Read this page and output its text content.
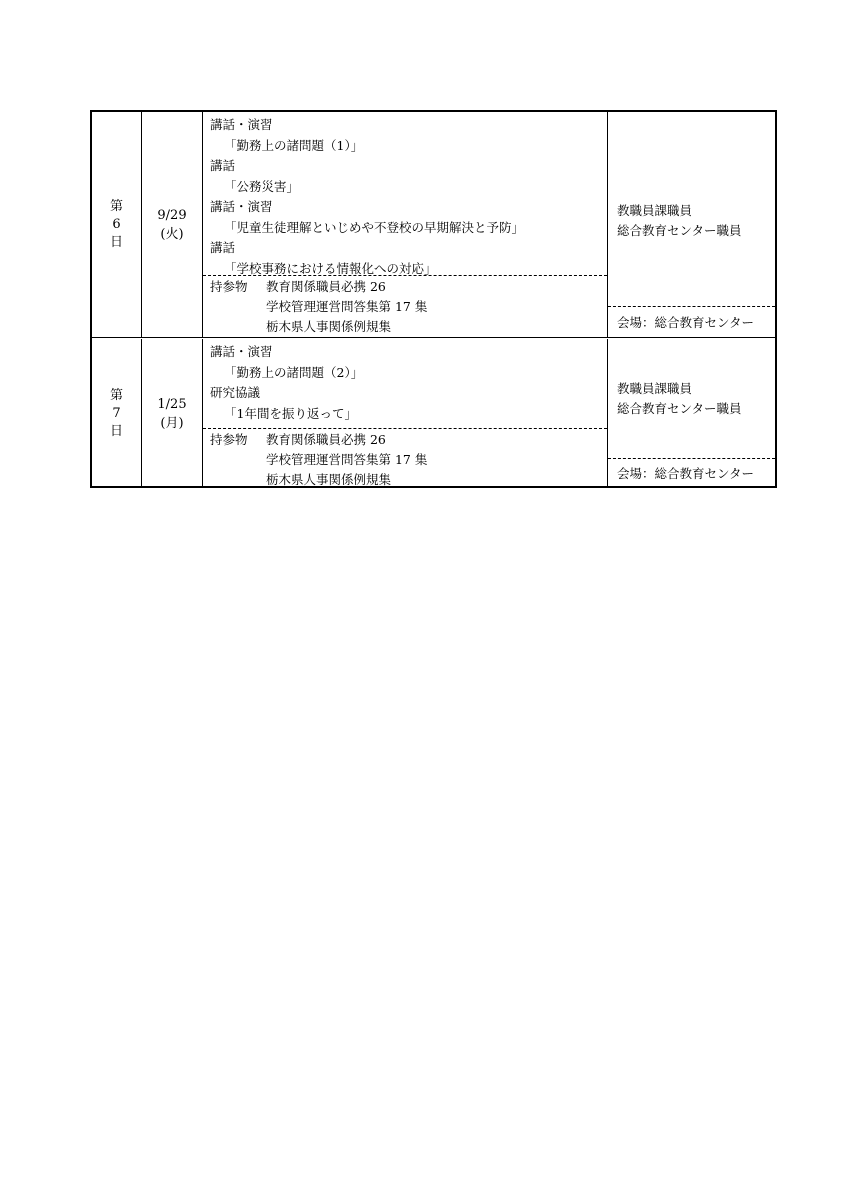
第
6
日
9/29
(火)
講話・演習
「勤務上の諸問題（1）」
講話
「公務災害」
講話・演習
「児童生徒理解といじめや不登校の早期解決と予防」
講話
「学校事務における情報化への対応」
持参物	教育関係職員必携 26
学校管理運営問答集第 17 集
栃木県人事関係例規集
教職員課職員
総合教育センター職員
会場：総合教育センター
第
7
日
1/25
(月)
講話・演習
「勤務上の諸問題（2）」
研究協議
「1年間を振り返って」
持参物	教育関係職員必携 26
学校管理運営問答集第 17 集
栃木県人事関係例規集
教職員課職員
総合教育センター職員
会場：総合教育センター
